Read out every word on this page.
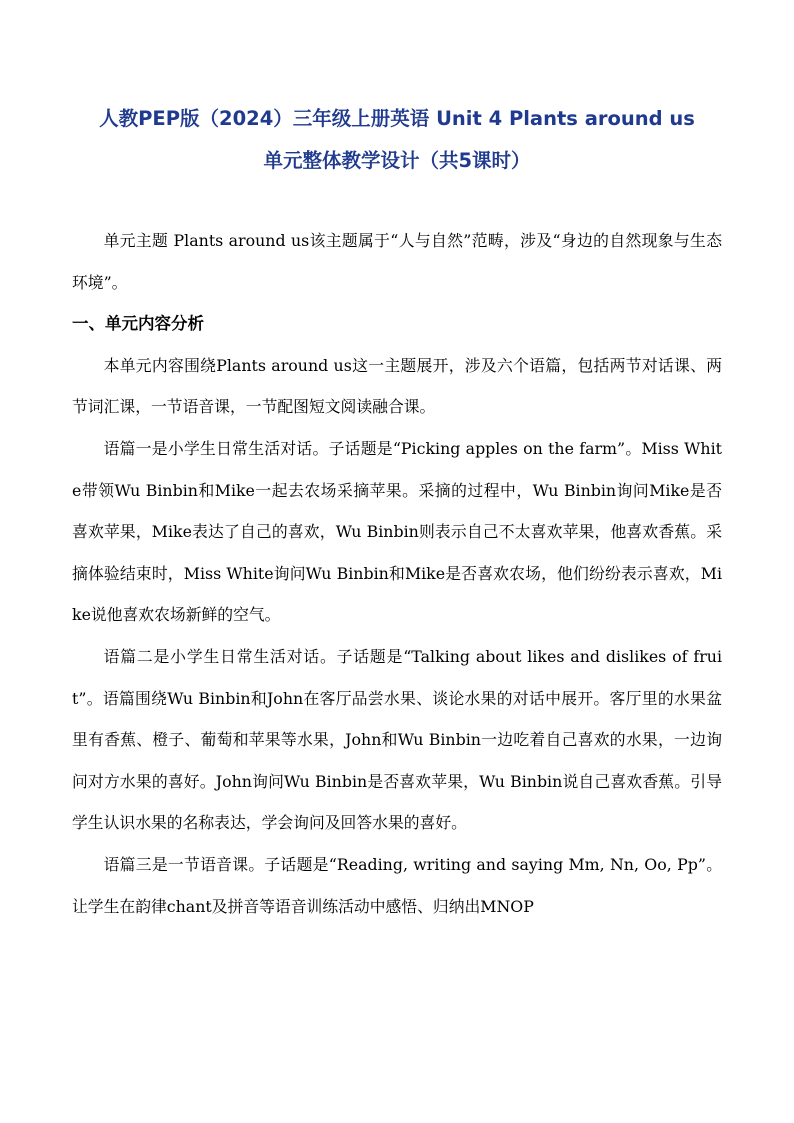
人教PEP版（2024）三年级上册英语 Unit 4 Plants around us
单元整体教学设计（共5课时）

单元主题 Plants around us该主题属于“人与自然”范畴，涉及“身边的自然现象与生态环境”。

一、单元内容分析

本单元内容围绕Plants around us这一主题展开，涉及六个语篇，包括两节对话课、两节词汇课，一节语音课，一节配图短文阅读融合课。

语篇一是小学生日常生活对话。子话题是“Picking apples on the farm”。Miss White带领Wu Binbin和Mike一起去农场采摘苹果。采摘的过程中，Wu Binbin询问Mike是否喜欢苹果，Mike表达了自己的喜欢，Wu Binbin则表示自己不太喜欢苹果，他喜欢香蕉。采摘体验结束时，Miss White询问Wu Binbin和Mike是否喜欢农场，他们纷纷表示喜欢，Mike说他喜欢农场新鲜的空气。

语篇二是小学生日常生活对话。子话题是“Talking about likes and dislikes of fruit”。语篇围绕Wu Binbin和John在客厅品尝水果、谈论水果的对话中展开。客厅里的水果盆里有香蕉、橙子、葡萄和苹果等水果，John和Wu Binbin一边吃着自己喜欢的水果，一边询问对方水果的喜好。John询问Wu Binbin是否喜欢苹果，Wu Binbin说自己喜欢香蕉。引导学生认识水果的名称表达，学会询问及回答水果的喜好。

语篇三是一节语音课。子话题是“Reading, writing and saying Mm, Nn, Oo, Pp”。让学生在韵律chant及拼音等语音训练活动中感悟、归纳出MNOP
